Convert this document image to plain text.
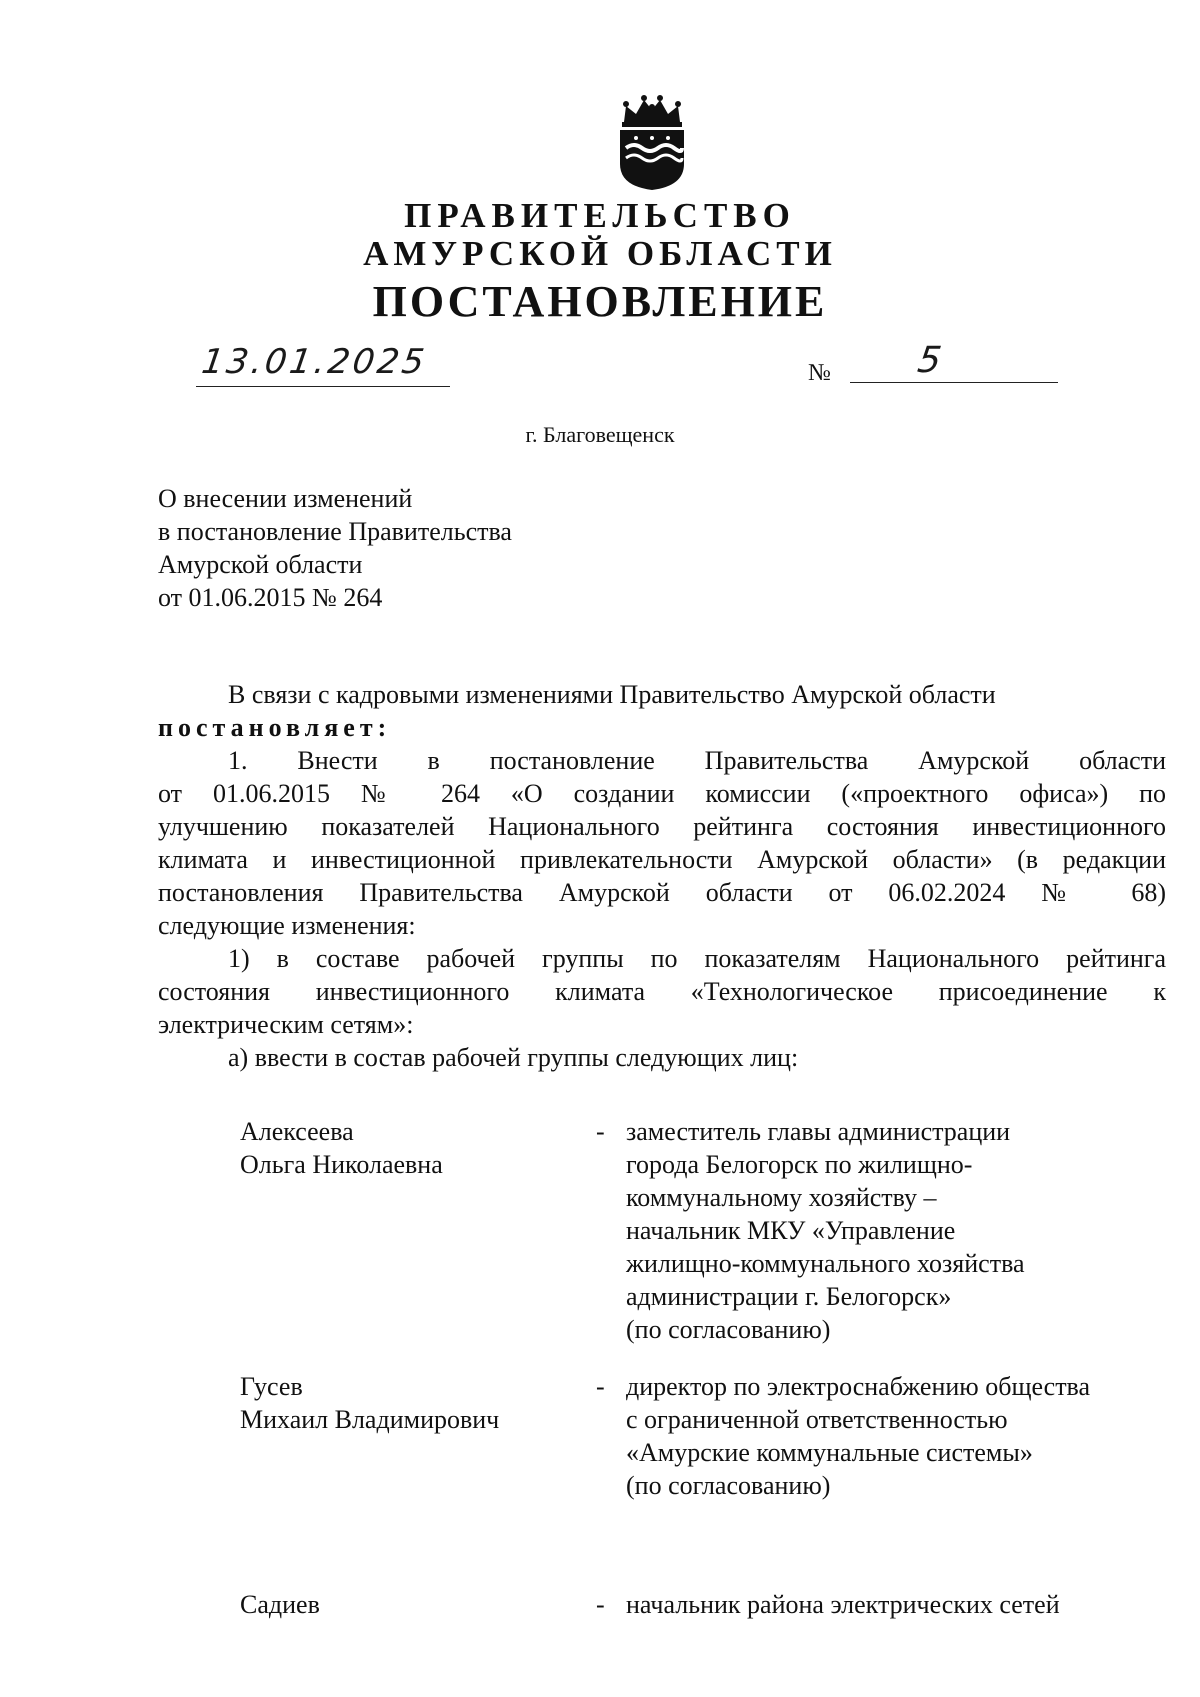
ПРАВИТЕЛЬСТВО
АМУРСКОЙ ОБЛАСТИ
ПОСТАНОВЛЕНИЕ
13.01.2025	№ 5
г. Благовещенск
О внесении изменений
в постановление Правительства
Амурской области
от 01.06.2015 № 264
В связи с кадровыми изменениями Правительство Амурской области
постановляет:
1. Внести в постановление Правительства Амурской области
от 01.06.2015 № 264 «О создании комиссии («проектного офиса») по
улучшению показателей Национального рейтинга состояния инвестиционного
климата и инвестиционной привлекательности Амурской области» (в редакции
постановления Правительства Амурской области от 06.02.2024 № 68)
следующие изменения:
1) в составе рабочей группы по показателям Национального рейтинга
состояния инвестиционного климата «Технологическое присоединение к
электрическим сетям»:
а) ввести в состав рабочей группы следующих лиц:
Алексеева
Ольга Николаевна
- заместитель главы администрации
города Белогорск по жилищно-
коммунальному хозяйству –
начальник МКУ «Управление
жилищно-коммунального хозяйства
администрации г. Белогорск»
(по согласованию)
Гусев
Михаил Владимирович
- директор по электроснабжению общества
с ограниченной ответственностью
«Амурские коммунальные системы»
(по согласованию)
Садиев	- начальник района электрических сетей
